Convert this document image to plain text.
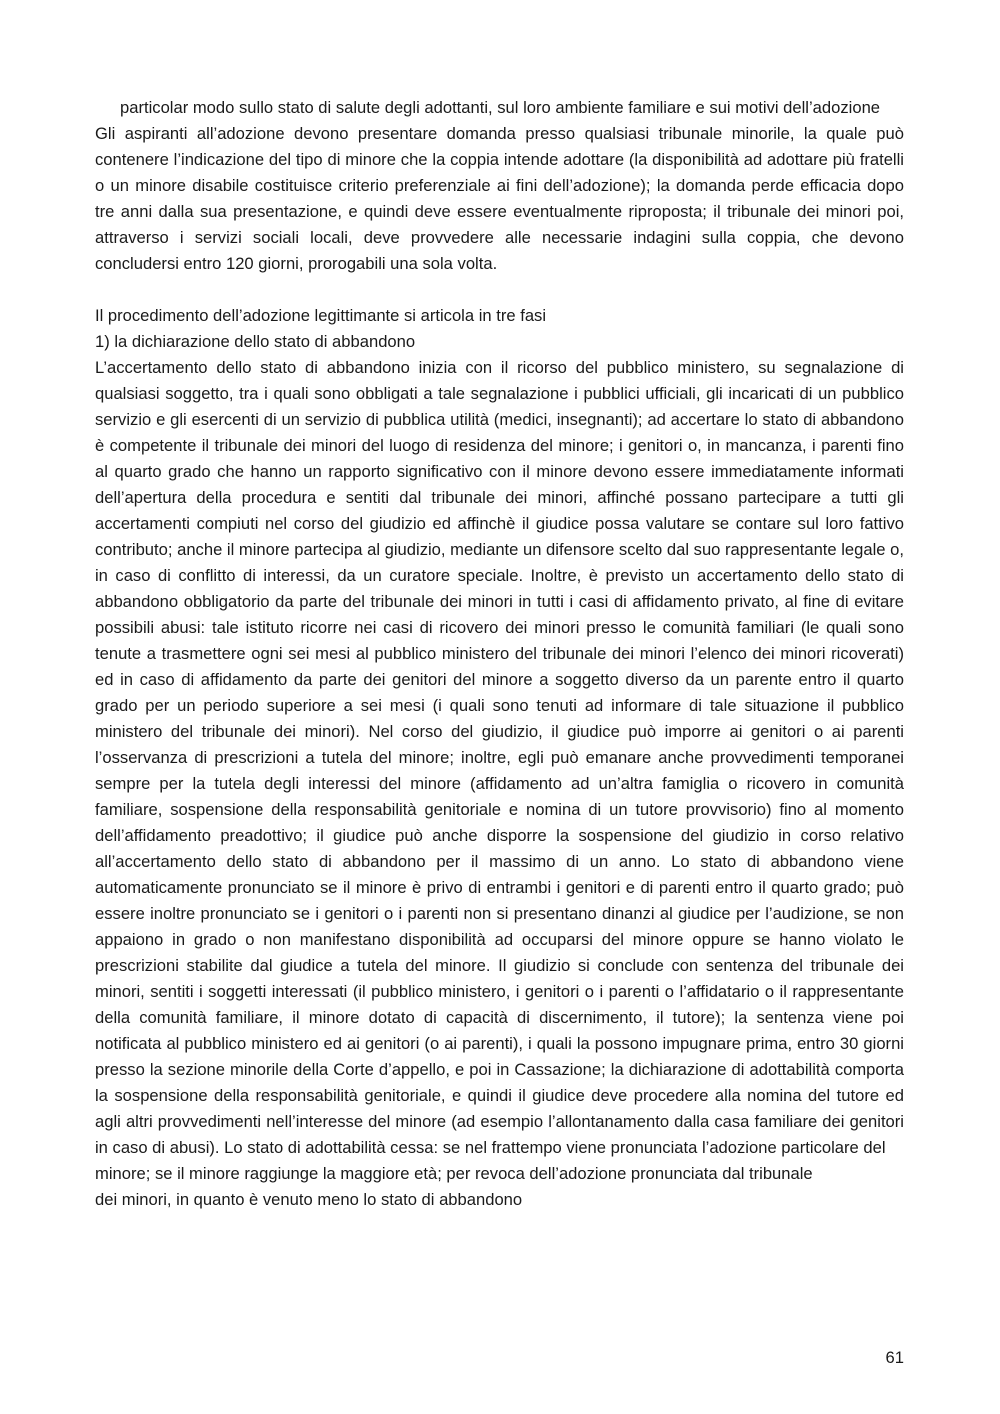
particolar modo sullo stato di salute degli adottanti, sul loro ambiente familiare e sui motivi dell’adozione

Gli aspiranti all’adozione devono presentare domanda presso qualsiasi tribunale minorile, la quale può contenere l’indicazione del tipo di minore che la coppia intende adottare (la disponibilità ad adottare più fratelli o un minore disabile costituisce criterio preferenziale ai fini dell’adozione); la domanda perde efficacia dopo tre anni dalla sua presentazione, e quindi deve essere eventualmente riproposta; il tribunale dei minori poi, attraverso i servizi sociali locali, deve provvedere alle necessarie indagini sulla coppia, che devono concludersi entro 120 giorni, prorogabili una sola volta.

Il procedimento dell’adozione legittimante si articola in tre fasi

1) la dichiarazione dello stato di abbandono

L’accertamento dello stato di abbandono inizia con il ricorso del pubblico ministero, su segnalazione di qualsiasi soggetto, tra i quali sono obbligati a tale segnalazione i pubblici ufficiali, gli incaricati di un pubblico servizio e gli esercenti di un servizio di pubblica utilità (medici, insegnanti); ad accertare lo stato di abbandono è competente il tribunale dei minori del luogo di residenza del minore; i genitori o, in mancanza, i parenti fino al quarto grado che hanno un rapporto significativo con il minore devono essere immediatamente informati dell’apertura della procedura e sentiti dal tribunale dei minori, affinché possano partecipare a tutti gli accertamenti compiuti nel corso del giudizio ed affinchè il giudice possa valutare se contare sul loro fattivo contributo; anche il minore partecipa al giudizio, mediante un difensore scelto dal suo rappresentante legale o, in caso di conflitto di interessi, da un curatore speciale. Inoltre, è previsto un accertamento dello stato di abbandono obbligatorio da parte del tribunale dei minori in tutti i casi di affidamento privato, al fine di evitare possibili abusi: tale istituto ricorre nei casi di ricovero dei minori presso le comunità familiari (le quali sono tenute a trasmettere ogni sei mesi al pubblico ministero del tribunale dei minori l’elenco dei minori ricoverati) ed in caso di affidamento da parte dei genitori del minore a soggetto diverso da un parente entro il quarto grado per un periodo superiore a sei mesi (i quali sono tenuti ad informare di tale situazione il pubblico ministero del tribunale dei minori). Nel corso del giudizio, il giudice può imporre ai genitori o ai parenti l’osservanza di prescrizioni a tutela del minore; inoltre, egli può emanare anche provvedimenti temporanei sempre per la tutela degli interessi del minore (affidamento ad un’altra famiglia o ricovero in comunità familiare, sospensione della responsabilità genitoriale e nomina di un tutore provvisorio) fino al momento dell’affidamento preadottivo; il giudice può anche disporre la sospensione del giudizio in corso relativo all’accertamento dello stato di abbandono per il massimo di un anno. Lo stato di abbandono viene automaticamente pronunciato se il minore è privo di entrambi i genitori e di parenti entro il quarto grado; può essere inoltre pronunciato se i genitori o i parenti non si presentano dinanzi al giudice per l’audizione, se non appaiono in grado o non manifestano disponibilità ad occuparsi del minore oppure se hanno violato le prescrizioni stabilite dal giudice a tutela del minore. Il giudizio si conclude con sentenza del tribunale dei minori, sentiti i soggetti interessati (il pubblico ministero, i genitori o i parenti o l’affidatario o il rappresentante della comunità familiare, il minore dotato di capacità di discernimento, il tutore); la sentenza viene poi notificata al pubblico ministero ed ai genitori (o ai parenti), i quali la possono impugnare prima, entro 30 giorni presso la sezione minorile della Corte d’appello, e poi in Cassazione; la dichiarazione di adottabilità comporta la sospensione della responsabilità genitoriale, e quindi il giudice deve procedere alla nomina del tutore ed agli altri provvedimenti nell’interesse del minore (ad esempio l’allontanamento dalla casa familiare dei genitori in caso di abusi). Lo stato di adottabilità cessa: se nel frattempo viene pronunciata l’adozione particolare del

minore; se il minore raggiunge la maggiore età; per revoca dell’adozione pronunciata dal tribunale

dei minori, in quanto è venuto meno lo stato di abbandono

61
